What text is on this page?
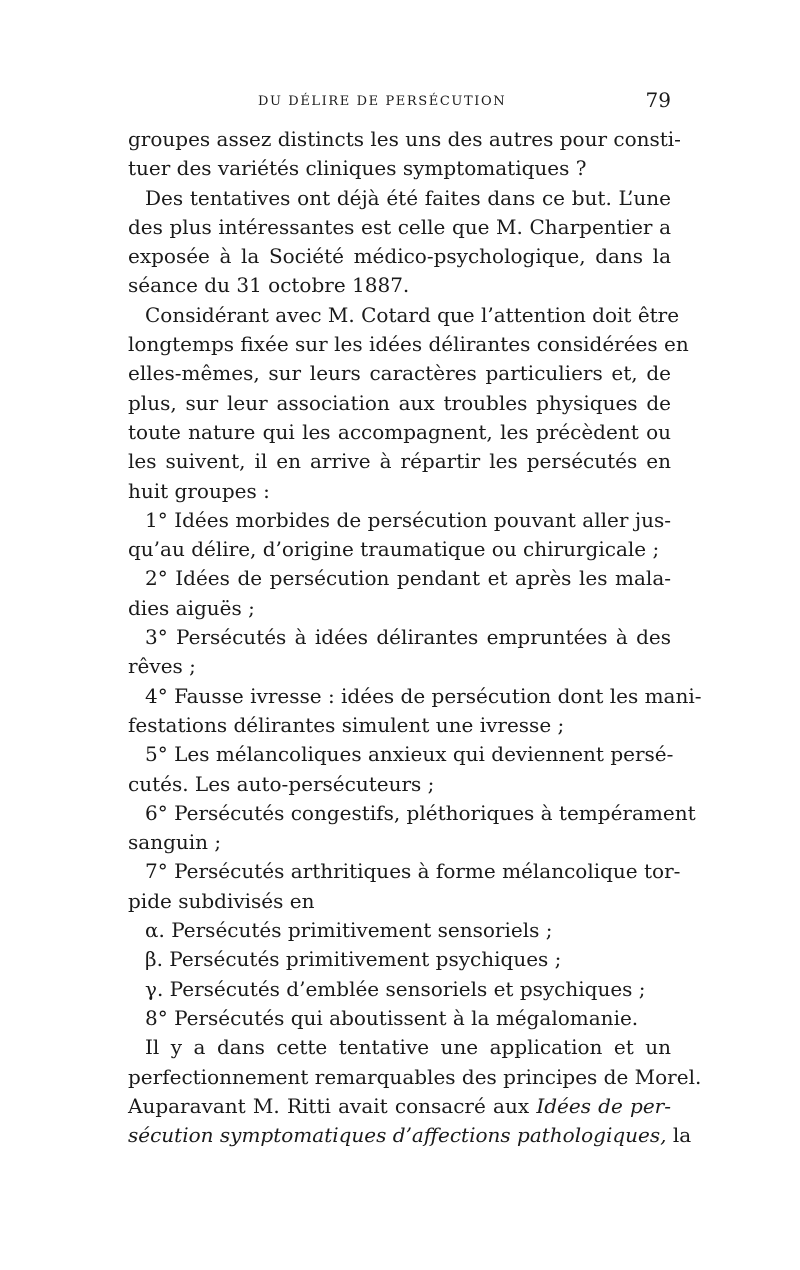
DU DÉLIRE DE PERSÉCUTION	79
groupes assez distincts les uns des autres pour consti-
tuer des variétés cliniques symptomatiques ?
Des tentatives ont déjà été faites dans ce but. L’une
des plus intéressantes est celle que M. Charpentier a
exposée à la Société médico-psychologique, dans la
séance du 31 octobre 1887.
Considérant avec M. Cotard que l’attention doit être
longtemps fixée sur les idées délirantes considérées en
elles-mêmes, sur leurs caractères particuliers et, de
plus, sur leur association aux troubles physiques de
toute nature qui les accompagnent, les précèdent ou
les suivent, il en arrive à répartir les persécutés en
huit groupes :
1° Idées morbides de persécution pouvant aller jus-
qu’au délire, d’origine traumatique ou chirurgicale ;
2° Idées de persécution pendant et après les mala-
dies aiguës ;
3° Persécutés à idées délirantes empruntées à des
rêves ;
4° Fausse ivresse : idées de persécution dont les mani-
festations délirantes simulent une ivresse ;
5° Les mélancoliques anxieux qui deviennent persé-
cutés. Les auto-persécuteurs ;
6° Persécutés congestifs, pléthoriques à tempérament
sanguin ;
7° Persécutés arthritiques à forme mélancolique tor-
pide subdivisés en
α. Persécutés primitivement sensoriels ;
β. Persécutés primitivement psychiques ;
γ. Persécutés d’emblée sensoriels et psychiques ;
8° Persécutés qui aboutissent à la mégalomanie.
Il y a dans cette tentative une application et un
perfectionnement remarquables des principes de Morel.
Auparavant M. Ritti avait consacré aux Idées de per-
sécution symptomatiques d’affections pathologiques, la
